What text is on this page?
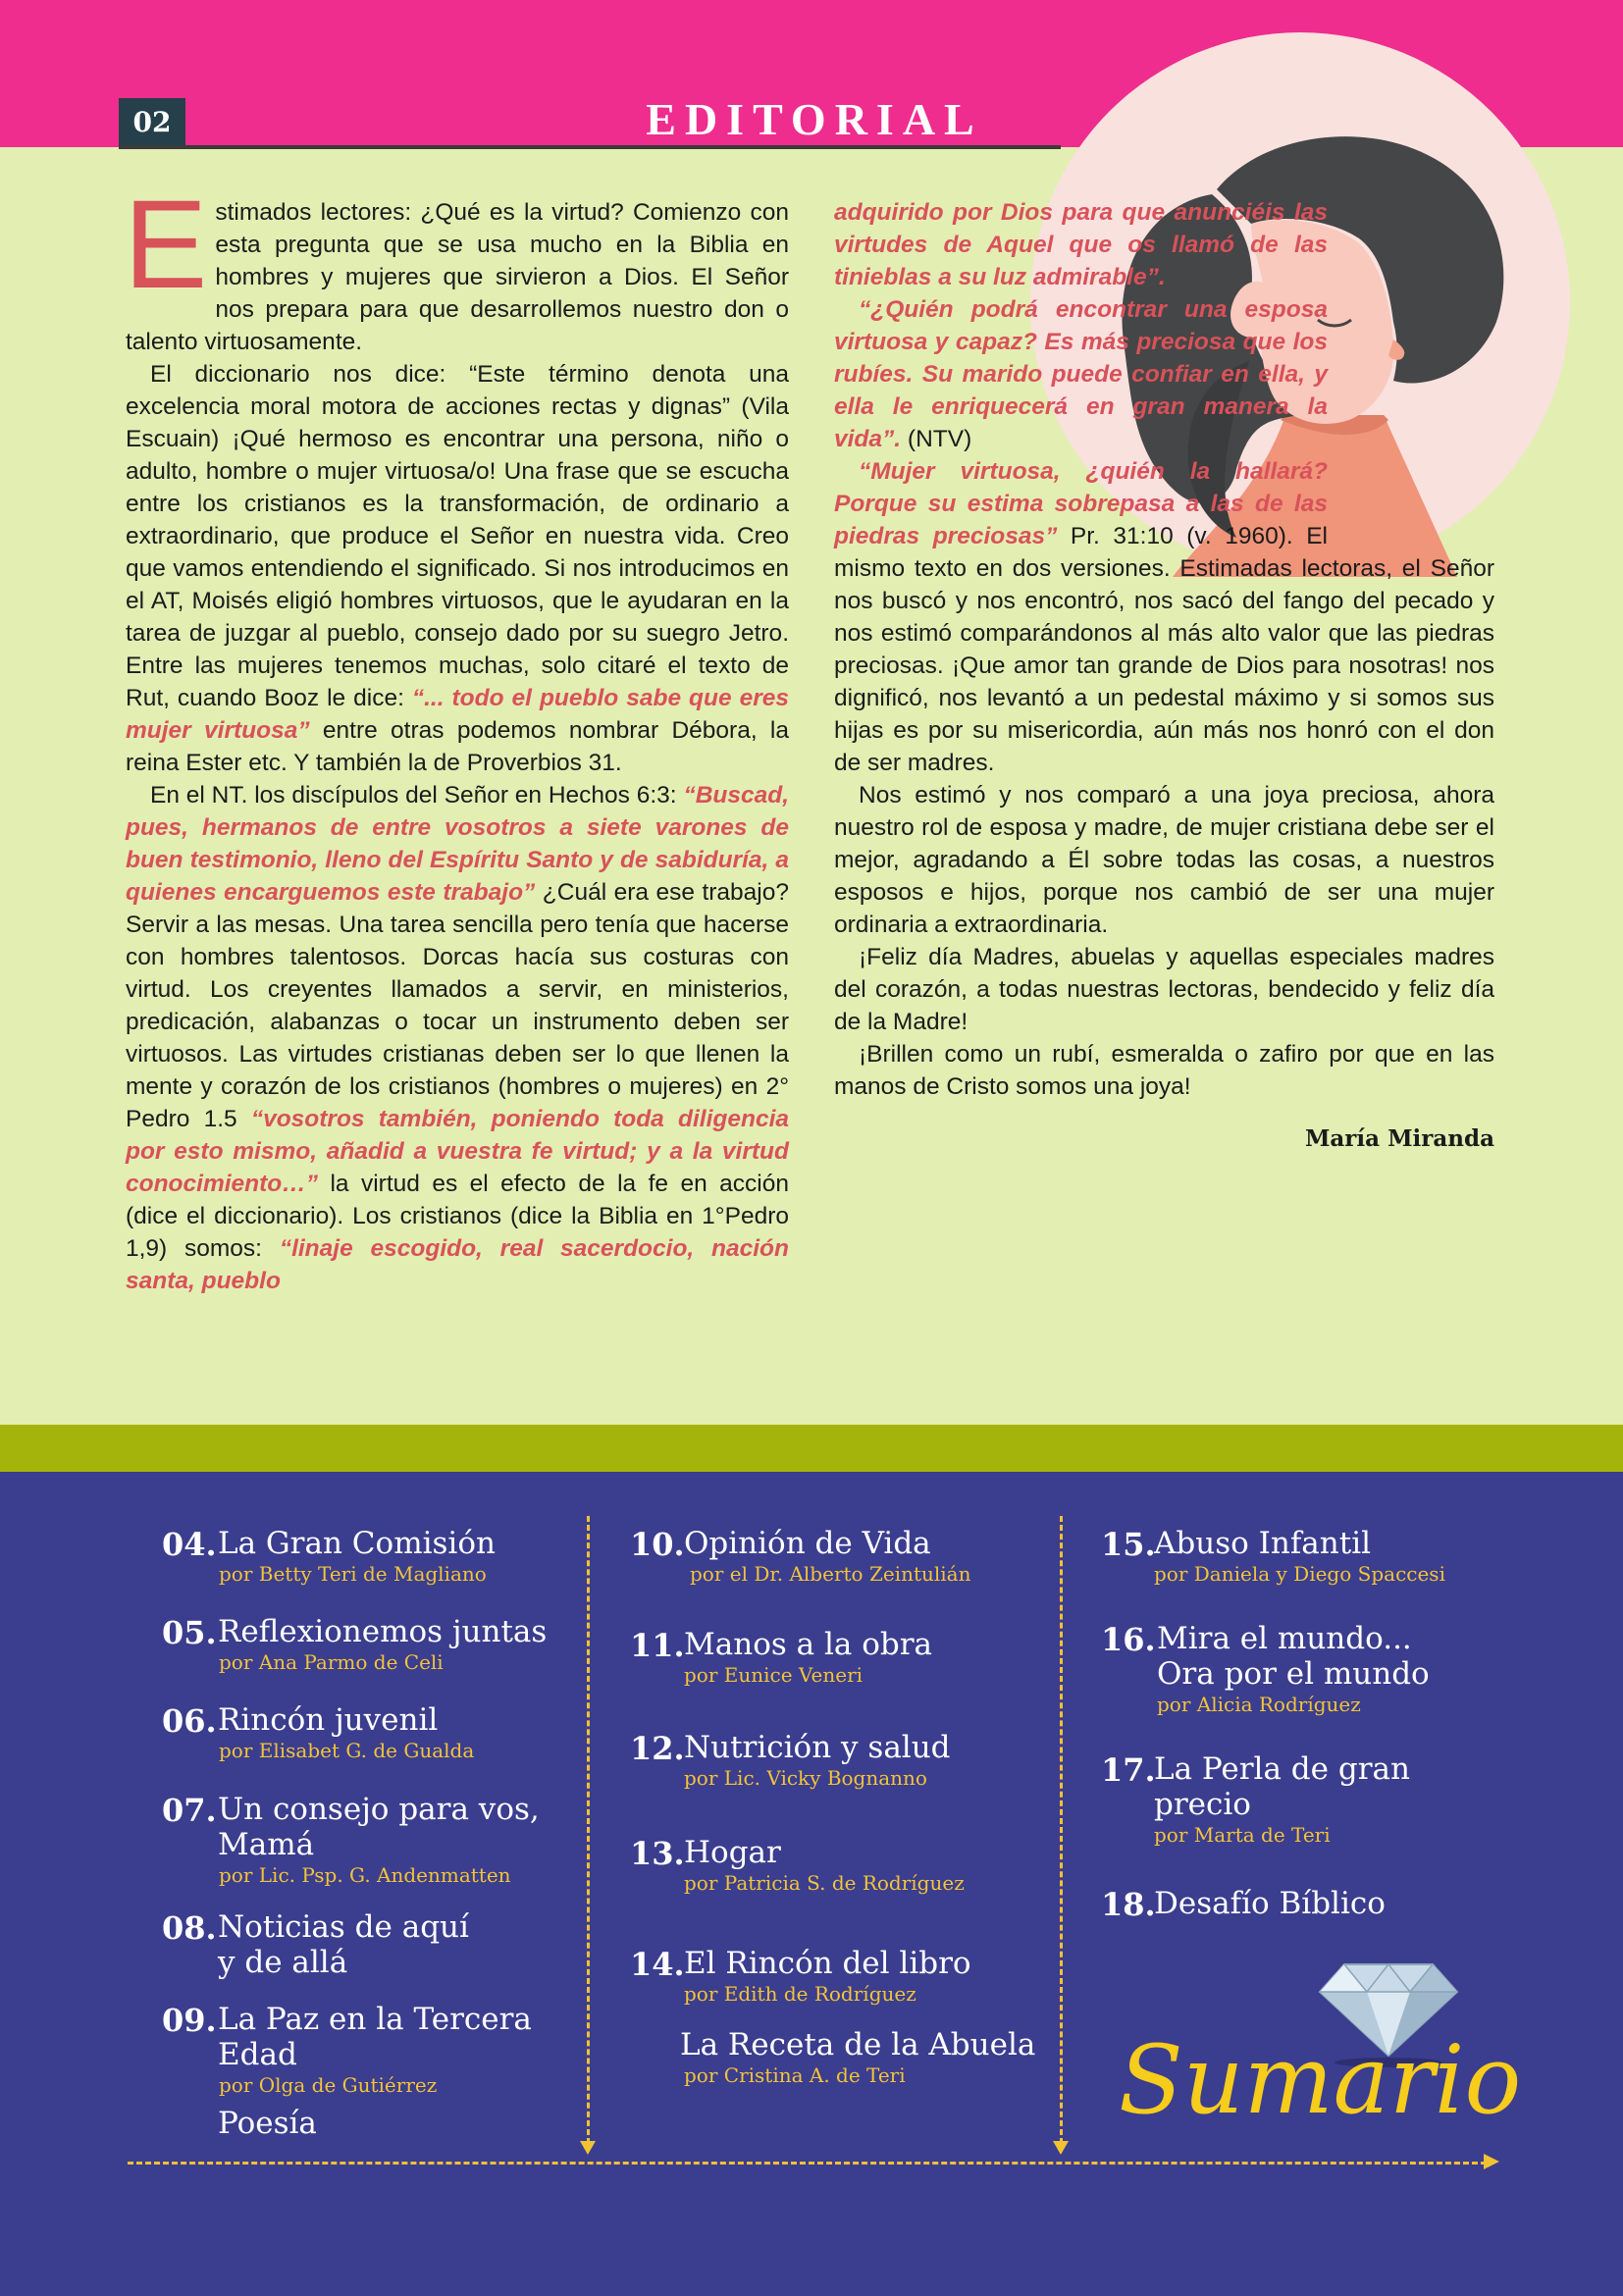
02	EDITORIAL

Estimados lectores: ¿Qué es la virtud? Comienzo con esta pregunta que se usa mucho en la Biblia en hombres y mujeres que sirvieron a Dios. El Señor nos prepara para que desarrollemos nuestro don o talento virtuosamente.

El diccionario nos dice: “Este término denota una excelencia moral motora de acciones rectas y dignas” (Vila Escuain) ¡Qué hermoso es encontrar una persona, niño o adulto, hombre o mujer virtuosa/o! Una frase que se escucha entre los cristianos es la transformación, de ordinario a extraordinario, que produce el Señor en nuestra vida. Creo que vamos entendiendo el significado. Si nos introducimos en el AT, Moisés eligió hombres virtuosos, que le ayudaran en la tarea de juzgar al pueblo, consejo dado por su suegro Jetro. Entre las mujeres tenemos muchas, solo citaré el texto de Rut, cuando Booz le dice: “... todo el pueblo sabe que eres mujer virtuosa” entre otras podemos nombrar Débora, la reina Ester etc. Y también la de Proverbios 31.

En el NT. los discípulos del Señor en Hechos 6:3: “Buscad, pues, hermanos de entre vosotros a siete varones de buen testimonio, lleno del Espíritu Santo y de sabiduría, a quienes encarguemos este trabajo” ¿Cuál era ese trabajo? Servir a las mesas. Una tarea sencilla pero tenía que hacerse con hombres talentosos. Dorcas hacía sus costuras con virtud. Los creyentes llamados a servir, en ministerios, predicación, alabanzas o tocar un instrumento deben ser virtuosos. Las virtudes cristianas deben ser lo que llenen la mente y corazón de los cristianos (hombres o mujeres) en 2° Pedro 1.5 “vosotros también, poniendo toda diligencia por esto mismo, añadid a vuestra fe virtud; y a la virtud conocimiento…” la virtud es el efecto de la fe en acción (dice el diccionario). Los cristianos (dice la Biblia en 1°Pedro 1,9) somos: “linaje escogido, real sacerdocio, nación santa, pueblo

adquirido por Dios para que anunciéis las virtudes de Aquel que os llamó de las tinieblas a su luz admirable”.

“¿Quién podrá encontrar una esposa virtuosa y capaz? Es más preciosa que los rubíes. Su marido puede confiar en ella, y ella le enriquecerá en gran manera la vida”. (NTV)

“Mujer virtuosa, ¿quién la hallará? Porque su estima sobrepasa a las de las piedras preciosas” Pr. 31:10 (v. 1960). El mismo texto en dos versiones. Estimadas lectoras, el Señor nos buscó y nos encontró, nos sacó del fango del pecado y nos estimó comparándonos al más alto valor que las piedras preciosas. ¡Que amor tan grande de Dios para nosotras! nos dignificó, nos levantó a un pedestal máximo y si somos sus hijas es por su misericordia, aún más nos honró con el don de ser madres.

Nos estimó y nos comparó a una joya preciosa, ahora nuestro rol de esposa y madre, de mujer cristiana debe ser el mejor, agradando a Él sobre todas las cosas, a nuestros esposos e hijos, porque nos cambió de ser una mujer ordinaria a extraordinaria.

¡Feliz día Madres, abuelas y aquellas especiales madres del corazón, a todas nuestras lectoras, bendecido y feliz día de la Madre!

¡Brillen como un rubí, esmeralda o zafiro por que en las manos de Cristo somos una joya!

María Miranda
04. La Gran Comisión
por Betty Teri de Magliano
05. Reflexionemos juntas
por Ana Parmo de Celi
06. Rincón juvenil
por Elisabet G. de Gualda
07. Un consejo para vos,
Mamá
por Lic. Psp. G. Andenmatten
08. Noticias de aquí
y de allá
09. La Paz en la Tercera
Edad
por Olga de Gutiérrez
Poesía
10. Opinión de Vida
por el Dr. Alberto Zeintulián
11. Manos a la obra
por Eunice Veneri
12. Nutrición y salud
por Lic. Vicky Bognanno
13. Hogar
por Patricia S. de Rodríguez
14. El Rincón del libro
por Edith de Rodríguez
La Receta de la Abuela
por Cristina A. de Teri
15.
Abuso Infantil
por Daniela y Diego Spaccesi
16. Mira el mundo...
Ora por el mundo
por Alicia Rodríguez
17.
La Perla de gran
precio
por Marta de Teri
18.
Desafío Bíblico
Sumario
